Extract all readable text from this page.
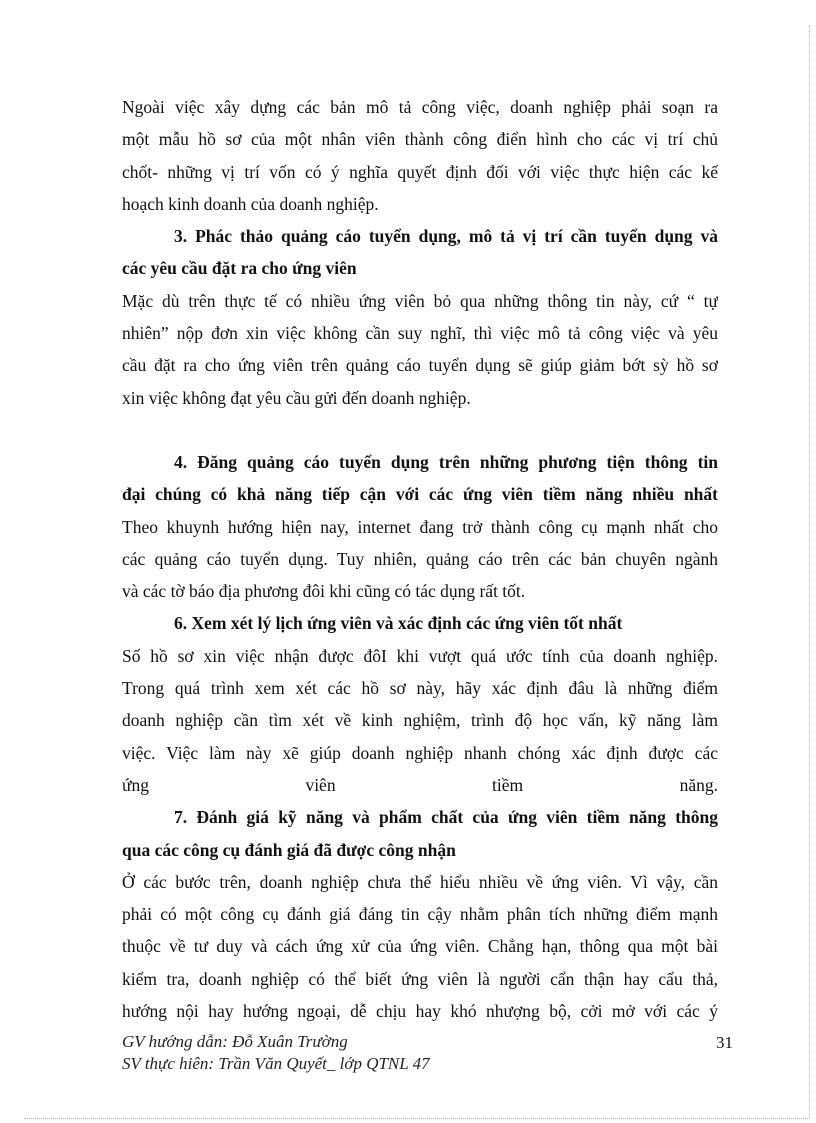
Ngoài việc xây dựng các bản mô tả công việc, doanh nghiệp phải soạn ra
một mẫu hồ sơ của một nhân viên thành công điển hình cho các vị trí chủ
chốt- những vị trí vốn có ý nghĩa quyết định đối với việc thực hiện các kế
hoạch kinh doanh của doanh nghiệp.
3. Phác thảo quảng cáo tuyển dụng, mô tả vị trí cần tuyển dụng và
các yêu cầu đặt ra cho ứng viên
Mặc dù trên thực tế có nhiều ứng viên bỏ qua những thông tin này, cứ “ tự
nhiên” nộp đơn xin việc không cần suy nghĩ, thì việc mô tả công việc và yêu
cầu đặt ra cho ứng viên trên quảng cáo tuyển dụng sẽ giúp giảm bớt sỳ hồ sơ
xin việc không đạt yêu cầu gửi đến doanh nghiệp.
4. Đăng quảng cáo tuyển dụng trên những phương tiện thông tin
đại chúng có khả năng tiếp cận với các ứng viên tiềm năng nhiều nhất
Theo khuynh hướng hiện nay, internet đang trở thành công cụ mạnh nhất cho
các quảng cáo tuyển dụng. Tuy nhiên, quảng cáo trên các bản chuyên ngành
và các tờ báo địa phương đôi khi cũng có tác dụng rất tốt.
6. Xem xét lý lịch ứng viên và xác định các ứng viên tốt nhất
Số hồ sơ xin việc nhận được đôI khi vượt quá ước tính của doanh nghiệp.
Trong quá trình xem xét các hồ sơ này, hãy xác định đâu là những điểm
doanh nghiệp cần tìm xét về kinh nghiệm, trình độ học vấn, kỹ năng làm
việc. Việc làm này xẽ giúp doanh nghiệp nhanh chóng xác định được các
ứng viên tiềm năng.
7. Đánh giá kỹ năng và phẩm chất của ứng viên tiềm năng thông
qua các công cụ đánh giá đã được công nhận
Ở các bước trên, doanh nghiệp chưa thể hiểu nhiều về ứng viên. Vì vậy, cần
phải có một công cụ đánh giá đáng tin cậy nhằm phân tích những điểm mạnh
thuộc về tư duy và cách ứng xử của ứng viên. Chẳng hạn, thông qua một bài
kiểm tra, doanh nghiệp có thể biết ứng viên là người cẩn thận hay cẩu thả,
hướng nội hay hướng ngoại, dễ chịu hay khó nhượng bộ, cởi mở với các ý
GV hướng dẫn: Đỗ Xuân Trường
SV thực hiên: Trần Văn Quyết_ lớp QTNL 47
31
